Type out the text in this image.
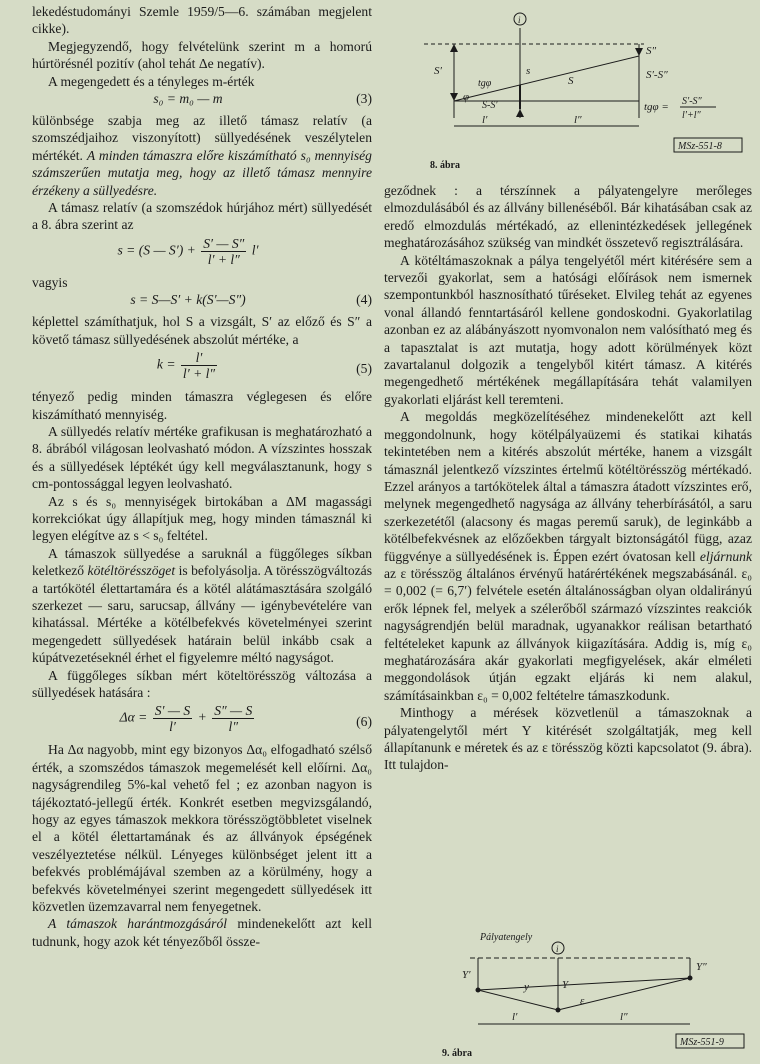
lekedéstudományi Szemle 1959/5—6. számában megjelent cikke).

Megjegyzendő, hogy felvételünk szerint m a homorú húrtörésnél pozitív (ahol tehát Δe negatív).

A megengedett és a tényleges m-érték

s₀ = m₀ — m	(3)

különbsége szabja meg az illető támasz relatív (a szomszédjaihoz viszonyított) süllyedésének veszélytelen mértékét. A minden támaszra előre kiszámítható s₀ mennyiség számszerűen mutatja meg, hogy az illető támasz mennyire érzékeny a süllyedésre.

A támasz relatív (a szomszédok húrjához mért) süllyedését a 8. ábra szerint az

s = (S — $S') + \frac{S' — S''}{l' + l''} l'$

vagyis

s = S—S′ + k(S′—S″)	(4)

képlettel számíthatjuk, hol S a vizsgált, S′ az előző és S″ a követő támasz süllyedésének abszolút mértéke, a

$k = \frac{l'}{l' + l''}$	(5)

tényező pedig minden támaszra véglegesen és előre kiszámítható mennyiség.

A süllyedés relatív mértéke grafikusan is meghatározható a 8. ábrából világosan leolvasható módon. A vízszintes hosszak és a süllyedések léptékét úgy kell megválasztanunk, hogy s cm-pontossággal legyen leolvasható.

Az s és s₀ mennyiségek birtokában a ΔM magassági korrekciókat úgy állapítjuk meg, hogy minden támasznál ki legyen elégítve az s < s₀ feltétel.

A támaszok süllyedése a saruknál a függőleges síkban keletkező kötéltörésszöget is befolyásolja. A törésszögváltozás a tartókötél élettartamára és a kötél alátámasztására szolgáló szerkezet — saru, sarucsap, állvány — igénybevételére van kihatással. Mértéke a kötélbefekvés követelményei szerint megengedett süllyedések határain belül inkább csak a kúpátvezetéseknél érhet el figyelemre méltó nagyságot.

A függőleges síkban mért köteltörésszög változása a süllyedések hatására :

$\Delta\alpha = \frac{S' — S}{l'} + \frac{S'' — S}{l''}$	(6)

Ha Δα nagyobb, mint egy bizonyos Δα₀ elfogadható szélső érték, a szomszédos támaszok megemelését kell előírni. Δα₀ nagyságrendileg 5%-kal vehető fel ; ez azonban nagyon is tájékoztató-jellegű érték. Konkrét esetben megvizsgálandó, hogy az egyes támaszok mekkora törésszögtöbbletet viselnek el a kötél élettartamának és az állványok épségének veszélyeztetése nélkül. Lényeges különbséget jelent itt a befekvés problémájával szemben az a körülmény, hogy a befekvés követelményei szerint megengedett süllyedések itt közvetlen üzemzavarral nem fenyegetnek.

A támaszok harántmozgásáról mindenekelőtt azt kell tudnunk, hogy azok két tényezőből össze-

i
S′
S″
S′-S″
S
s
S-S′
tgφ
φ
l′	l″
tgφ = S′-S″
l′+l″
MSz-551-8
8. ábra

geződnek : a térszínnek a pályatengelyre merőleges elmozdulásából és az állvány billenéséből. Bár kihatásában csak az eredő elmozdulás mértékadó, az ellenintézkedések jellegének meghatározásához szükség van mindkét összetevő regisztrálására.

A kötéltámaszoknak a pálya tengelyétől mért kitérésére sem a tervezői gyakorlat, sem a hatósági előírások nem ismernek szempontunkból hasznosítható tűréseket. Elvileg tehát az egyenes vonal állandó fenntartásáról kellene gondoskodni. Gyakorlatilag azonban ez az alábányászott nyomvonalon nem valósítható meg és a tapasztalat is azt mutatja, hogy adott körülmények közt zavartalanul dolgozik a tengelyből kitért támasz. A kitérés megengedhető mértékének megállapítására tehát valamilyen gyakorlati eljárást kell teremteni.

A megoldás megközelítéséhez mindenekelőtt azt kell meggondolnunk, hogy kötélpályaüzemi és statikai kihatás tekintetében nem a kitérés abszolút mértéke, hanem a vizsgált támasznál jelentkező vízszintes értelmű kötéltörésszög mértékadó. Ezzel arányos a tartókötelek által a támaszra átadott vízszintes erő, melynek megengedhető nagysága az állvány teherbírásától, a saru szerkezetétől (alacsony és magas peremű saruk), de leginkább a kötélbefekvésnek az előzőekben tárgyalt biztonságától függ, azaz függvénye a süllyedésének is. Éppen ezért óvatosan kell eljárnunk az ε törésszög általános érvényű határértékének megszabásánál. ε₀ = 0,002 (= 6,7′) felvétele esetén általánosságban olyan oldalirányú erők lépnek fel, melyek a szélerőből származó vízszintes reakciók nagyságrendjén belül maradnak, ugyanakkor reálisan betartható feltételeket kapunk az állványok kiigazítására. Addig is, míg ε₀ meghatározására akár gyakorlati megfigyelések, akár elméleti meggondolások útján egzakt eljárás ki nem alakul, számításainkban ε₀ = 0,002 feltételre támaszkodunk.

Minthogy a mérések közvetlenül a támaszoknak a pályatengelytől mért Y kitérését szolgáltatják, meg kell állapítanunk e méretek és az ε törésszög közti kapcsolatot (9. ábra). Itt tulajdon-

Pályatengely
i
Y′
Y″
y	Y
ε
l′	l″
MSz-551-9
9. ábra
